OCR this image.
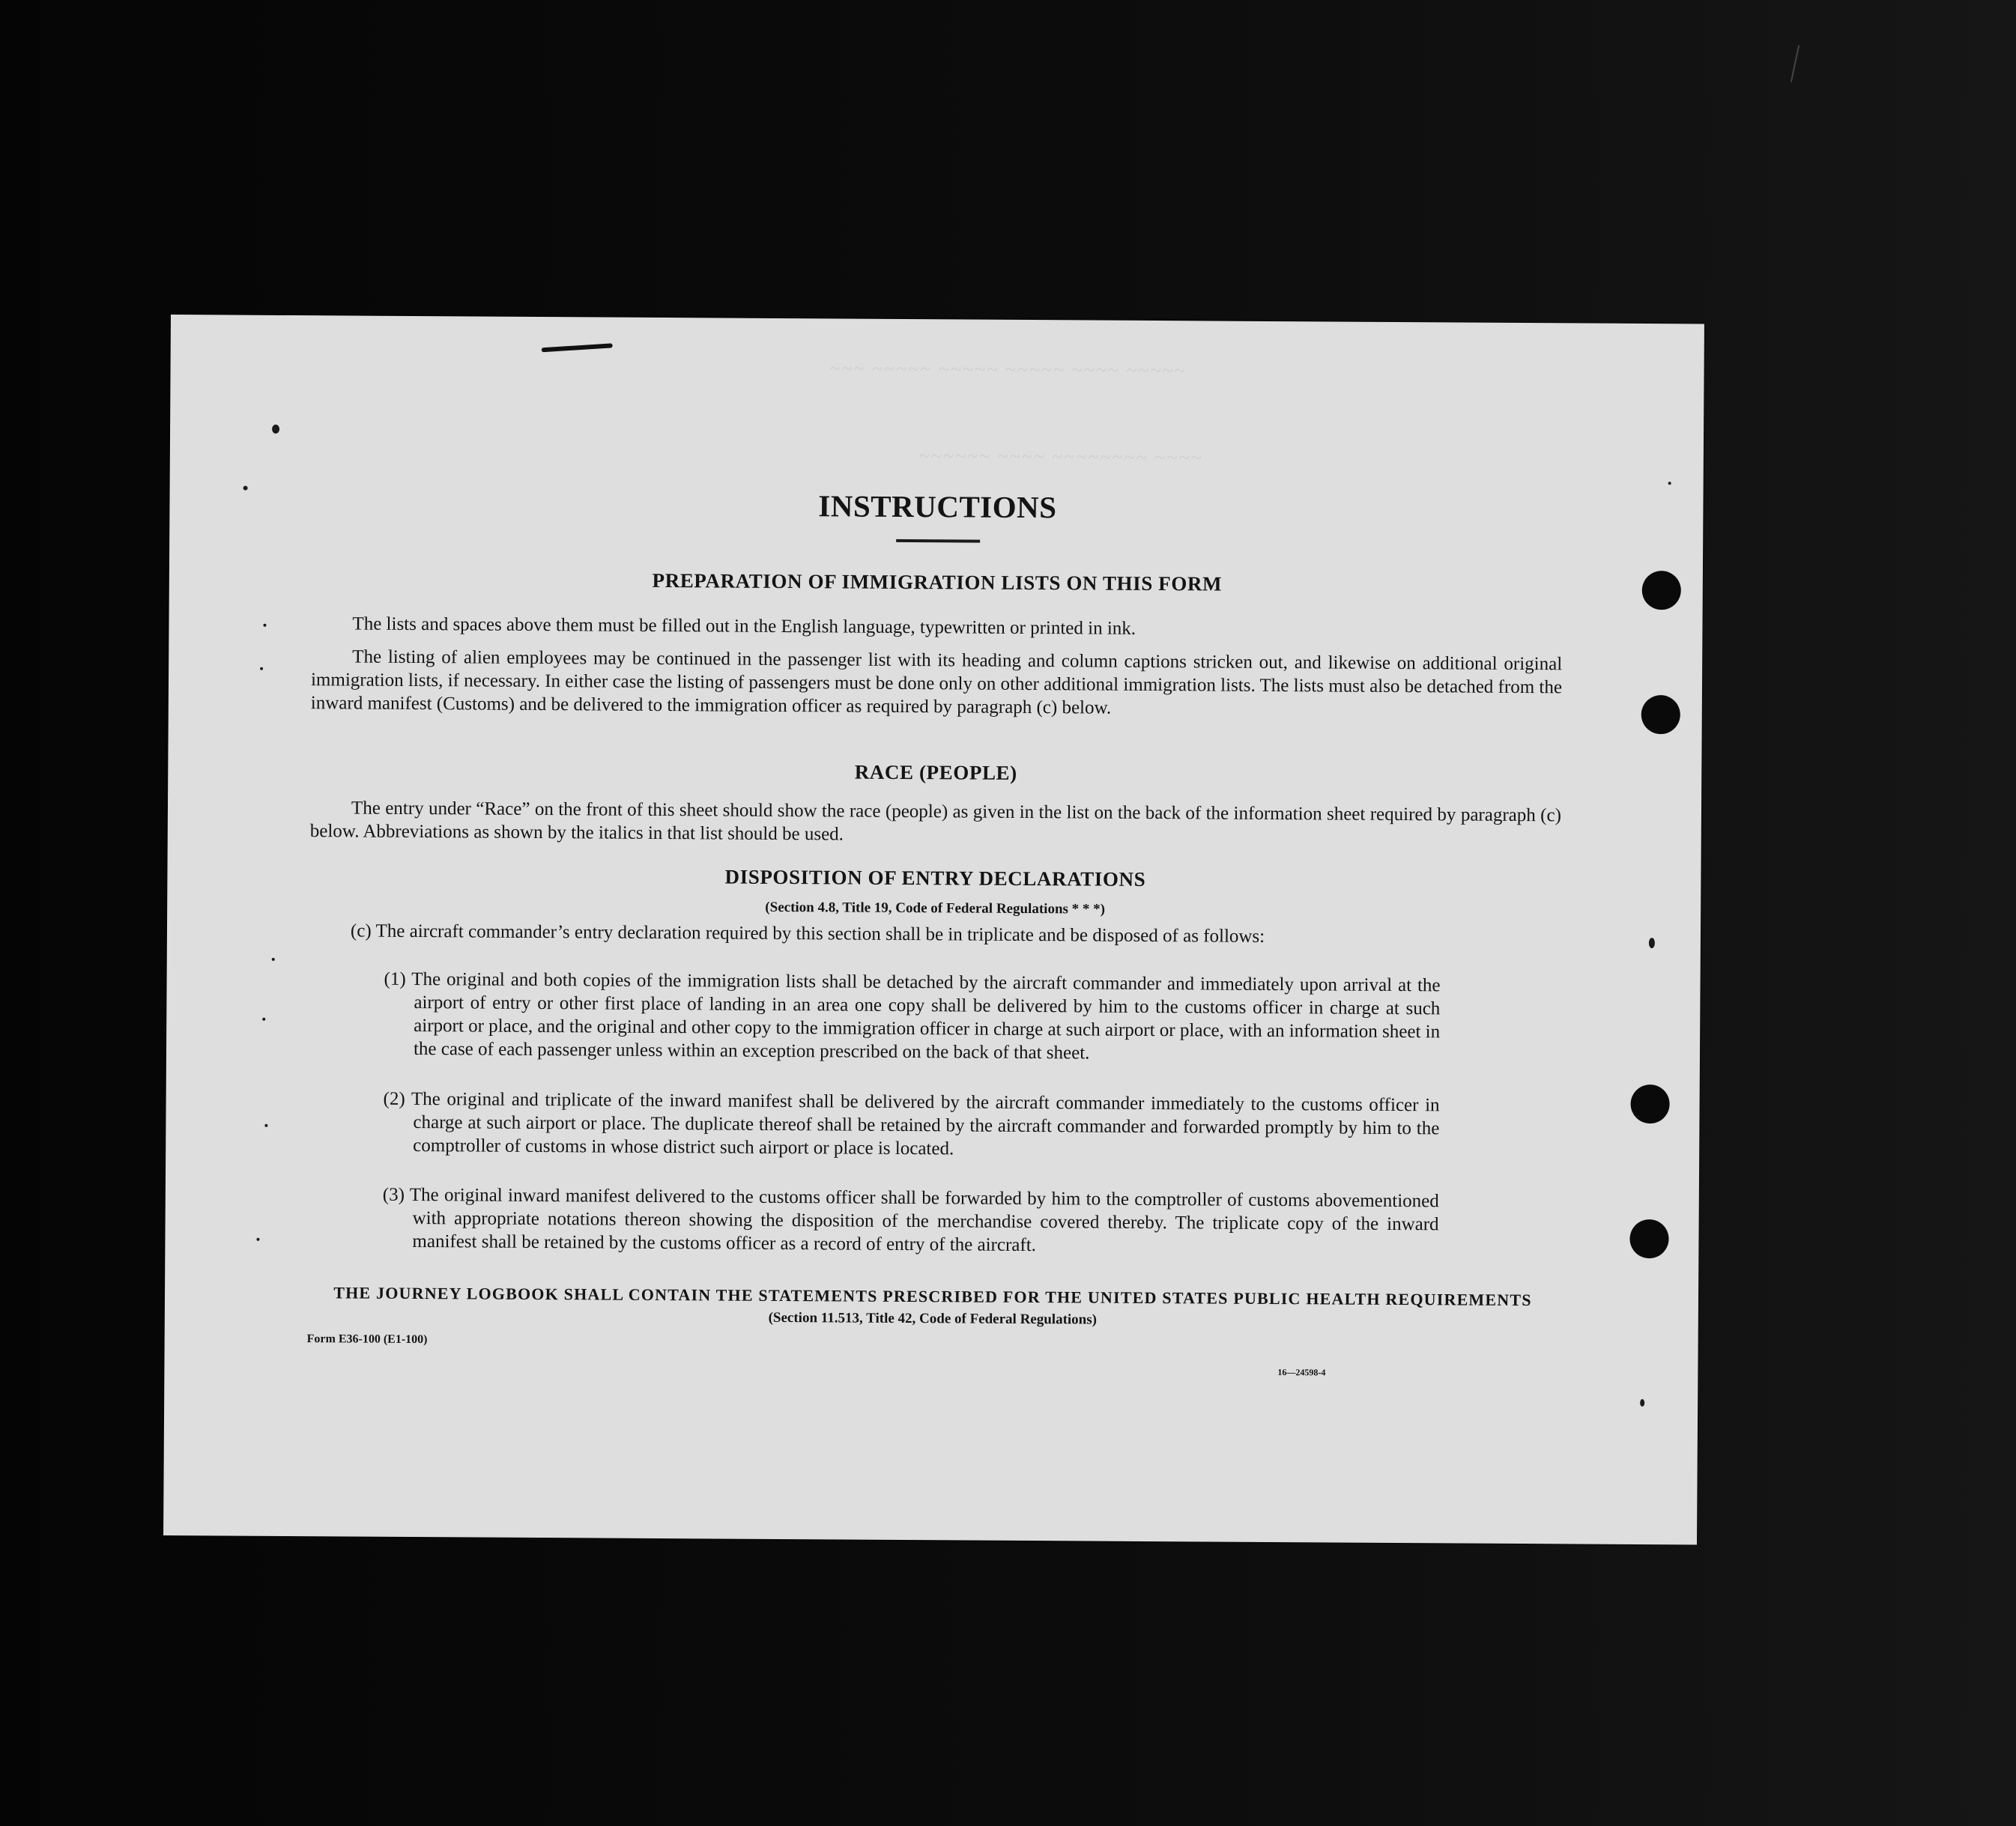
~~~ ~~~~~ ~~~~~ ~~~~~ ~~~~ ~~~~~
~~~~~~ ~~~~ ~~~~~~~~ ~~~~
INSTRUCTIONS
PREPARATION OF IMMIGRATION LISTS ON THIS FORM
The lists and spaces above them must be filled out in the English language, typewritten or printed in ink.
The listing of alien employees may be continued in the passenger list with its heading and column captions stricken out, and likewise on additional original immigration lists, if necessary. In either case the listing of passengers must be done only on other additional immigration lists. The lists must also be detached from the inward manifest (Customs) and be delivered to the immigration officer as required by paragraph (c) below.
RACE (PEOPLE)
The entry under “Race” on the front of this sheet should show the race (people) as given in the list on the back of the information sheet required by paragraph (c) below. Abbreviations as shown by the italics in that list should be used.
DISPOSITION OF ENTRY DECLARATIONS
(Section 4.8, Title 19, Code of Federal Regulations * * *)
(c) The aircraft commander’s entry declaration required by this section shall be in triplicate and be disposed of as follows:
(1) The original and both copies of the immigration lists shall be detached by the aircraft commander and immediately upon arrival at the airport of entry or other first place of landing in an area one copy shall be delivered by him to the customs officer in charge at such airport or place, and the original and other copy to the immigration officer in charge at such airport or place, with an information sheet in the case of each passenger unless within an exception prescribed on the back of that sheet.
(2) The original and triplicate of the inward manifest shall be delivered by the aircraft commander immediately to the customs officer in charge at such airport or place. The duplicate thereof shall be retained by the aircraft commander and forwarded promptly by him to the comptroller of customs in whose district such airport or place is located.
(3) The original inward manifest delivered to the customs officer shall be forwarded by him to the comptroller of customs abovementioned with appropriate notations thereon showing the disposition of the merchandise covered thereby. The triplicate copy of the inward manifest shall be retained by the customs officer as a record of entry of the aircraft.
THE JOURNEY LOGBOOK SHALL CONTAIN THE STATEMENTS PRESCRIBED FOR THE UNITED STATES PUBLIC HEALTH REQUIREMENTS
(Section 11.513, Title 42, Code of Federal Regulations)
Form E36-100 (E1-100)
16—24598-4
